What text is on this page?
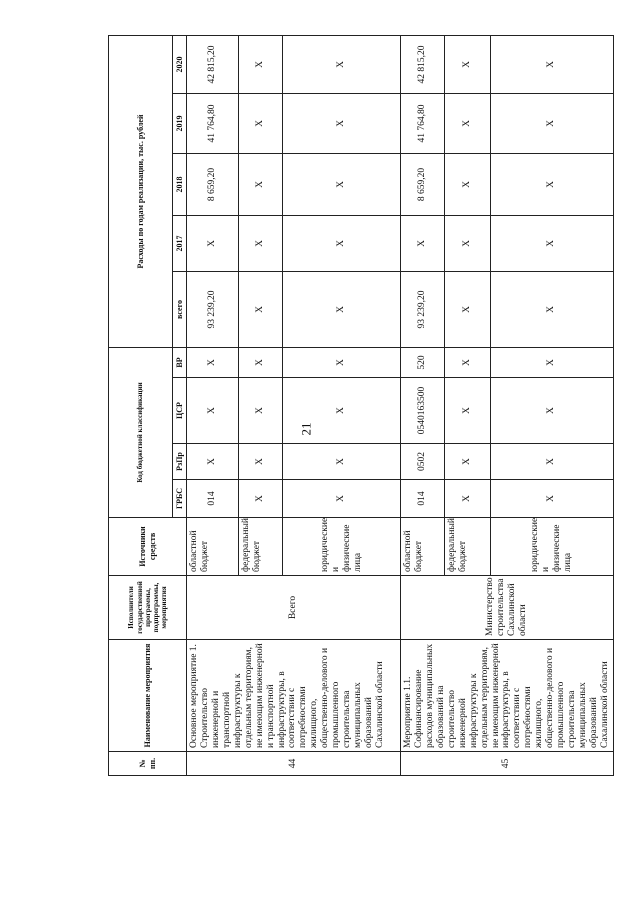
21
№ пп.	Наименование мероприятия	Исполнители государственной программы, подпрограммы, мероприятия	Источники средств	Код бюджетной классификации				Расходы по годам реализации, тыс. рублей				
				ГРБС	РзПр	ЦСР	ВР	всего	2017	2018	2019	2020
44	Основное мероприятие 1. Строительство инженерной и транспортной инфраструктуры к отдельным территориям, не имеющим инженерной и транспортной инфраструктуры, в соответствии с потребностями жилищного, общественно-делового и промышленного строительства муниципальных образований Сахалинской области	Всего	областной бюджет	014	X	X	X	93 239,20	X	8 659,20	41 764,80	42 815,20
			федеральный бюджет	X	X	X	X	X	X	X	X	X
			юридические и физические лица	X	X	X	X	X	X	X	X	X
45	Мероприятие 1.1. Софинансирование расходов муниципальных образований на строительство инженерной инфраструктуры к отдельным территориям, не имеющим инженерной инфраструктуры, в соответствии с потребностями жилищного, общественно-делового и промышленного строительства муниципальных образований Сахалинской области	Министерство строительства Сахалинской области	областной бюджет	014	0502	0540163500	520	93 239,20	X	8 659,20	41 764,80	42 815,20
			федеральный бюджет	X	X	X	X	X	X	X	X	X
			юридические и физические лица	X	X	X	X	X	X	X	X	X
